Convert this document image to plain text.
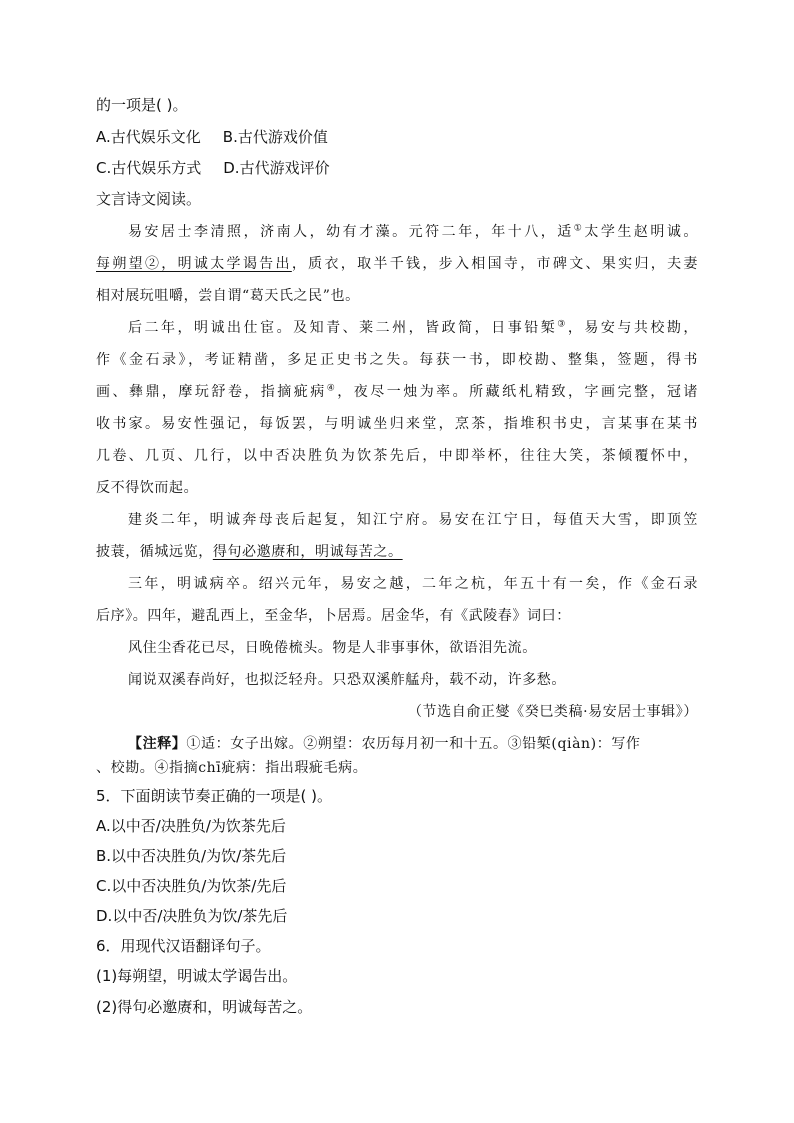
的一项是( )。
A.古代娱乐文化 B.古代游戏价值
C.古代娱乐方式 D.古代游戏评价
文言诗文阅读。
易安居士李清照，济南人，幼有才藻。元符二年，年十八，适①太学生赵明诚。
每朔望②，明诚太学谒告出，质衣，取半千钱，步入相国寺，市碑文、果实归，夫妻
相对展玩咀嚼，尝自谓“葛天氏之民”也。
后二年，明诚出仕宦。及知青、莱二州，皆政简，日事铅椠③，易安与共校勘，
作《金石录》，考证精凿，多足正史书之失。每获一书，即校勘、整集，签题，得书
画、彝鼎，摩玩舒卷，指摘疵病④，夜尽一烛为率。所藏纸札精致，字画完整，冠诸
收书家。易安性强记，每饭罢，与明诚坐归来堂，烹茶，指堆积书史，言某事在某书
几卷、几页、几行，以中否决胜负为饮茶先后，中即举杯，往往大笑，茶倾覆怀中，
反不得饮而起。
建炎二年，明诚奔母丧后起复，知江宁府。易安在江宁日，每值天大雪，即顶笠
披蓑，循城远览，得句必邀赓和，明诚每苦之。
三年，明诚病卒。绍兴元年，易安之越，二年之杭，年五十有一矣，作《金石录
后序》。四年，避乱西上，至金华，卜居焉。居金华，有《武陵春》词曰：
风住尘香花已尽，日晚倦梳头。物是人非事事休，欲语泪先流。
闻说双溪春尚好，也拟泛轻舟。只恐双溪舴艋舟，载不动，许多愁。
（节选自俞正燮《癸巳类稿·易安居士事辑》）
【注释】①适：女子出嫁。②朔望：农历每月初一和十五。③铅椠(qiàn)：写作
、校勘。④指摘chī疵病：指出瑕疵毛病。
5．下面朗读节奏正确的一项是( )。
A.以中否/决胜负/为饮茶先后
B.以中否决胜负/为饮/茶先后
C.以中否决胜负/为饮茶/先后
D.以中否/决胜负为饮/茶先后
6．用现代汉语翻译句子。
(1)每朔望，明诚太学谒告出。
(2)得句必邀赓和，明诚每苦之。
